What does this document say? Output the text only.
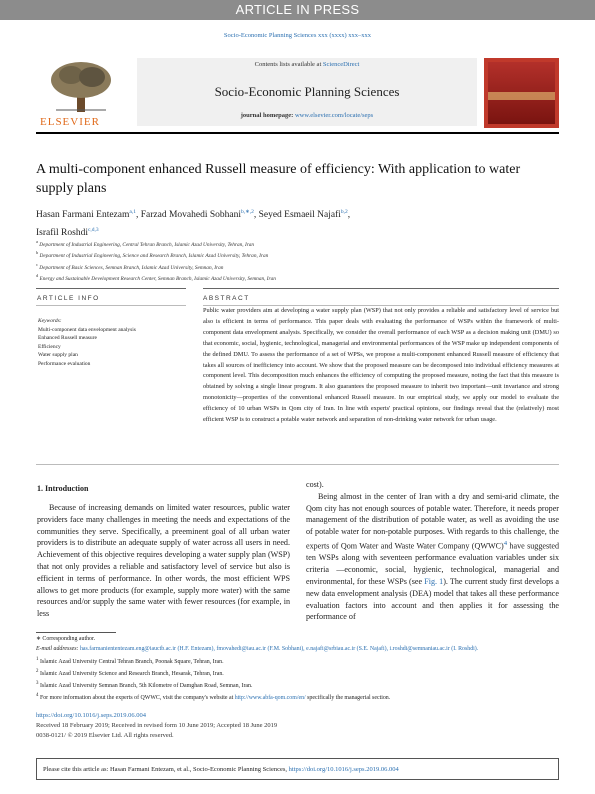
ARTICLE IN PRESS
Socio-Economic Planning Sciences xxx (xxxx) xxx–xxx
ELSEVIER
Contents lists available at ScienceDirect
Socio-Economic Planning Sciences
journal homepage: www.elsevier.com/locate/seps
A multi-component enhanced Russell measure of efficiency: With application to water supply plans
Hasan Farmani Entezam$^{a,1}$, Farzad Movahedi Sobhani$^{b,∗,2}$, Seyed Esmaeil Najafi$^{b,2}$,
Israfil Roshdi$^{c,d,3}$
$^a$ Department of Industrial Engineering, Central Tehran Branch, Islamic Azad University, Tehran, Iran
$^b$ Department of Industrial Engineering, Science and Research Branch, Islamic Azad University, Tehran, Iran
$^c$ Department of Basic Sciences, Semnan Branch, Islamic Azad University, Semnan, Iran
$^d$ Energy and Sustainable Development Research Center, Semnan Branch, Islamic Azad University, Semnan, Iran
ARTICLE INFO	ABSTRACT
Keywords:
Multi-component data envelopment analysis
Enhanced Russell measure
Efficiency
Water supply plan
Performance evaluation
Public water providers aim at developing a water supply plan (WSP) that not only provides a reliable and satisfactory level of service but also is efficient in terms of performance. This paper deals with evaluating the performance of WSPs within the framework of multi-component data envelopment analysis. Specifically, we consider the overall performance of each WSP as a decision making unit (DMU) so that economic, social, hygienic, technological, managerial and environmental performances of the WSP make up independent components of the defined DMU. To assess the performance of a set of WPSs, we propose a multi-component enhanced Russell measure of efficiency that takes all sources of inefficiency into account. We show that the proposed measure can be decomposed into individual efficiency measures at component level. This decomposition much enhances the efficiency of computing the proposed measure, noting the fact that this measure is obtained by solving a single linear program. It also guarantees the proposed measure to inherit two important—unit invariance and strong monotonicity—properties of the conventional enhanced Russell measure. In our empirical study, we apply our model to evaluate the efficiency of 10 urban WSPs in Qom city of Iran. In line with experts' practical opinions, our findings reveal that the (relatively) most efficient WSP is to construct a potable water network and separation of non-drinking water network for urban usage.
1. Introduction

Because of increasing demands on limited water resources, public water providers face many challenges in meeting the needs and expectations of the communities they serve. Specifically, a preeminent goal of all urban water providers is to distribute an adequate supply of water across all users in need. Achievement of this objective requires developing a water supply plan (WSP) that not only provides a reliable and satisfactory level of service but also is efficient in terms of performance. In other words, the most efficient WPS allows to get more products (for example, supply more water) with the same resources and/or supply the same water with fewer resources (for example, in less

cost).

Being almost in the center of Iran with a dry and semi-arid climate, the Qom city has not enough sources of potable water. Therefore, it needs proper management of the distribution of potable water, as well as avoiding the use of potable water for non-potable purposes. With regards to this challenge, the experts of Qom Water and Waste Water Company (QWWC)$^4$ have suggested ten WSPs along with seventeen performance evaluation variables under six criteria —economic, social, hygienic, technological, managerial and environmental, for these WSPs (see Fig. 1). The current study first develops a new data envelopment analysis (DEA) model that takes all these performance evaluation factors into account and then applies it for assessing the performance of

∗ Corresponding author.
E-mail addresses: has.farmaniententezam.eng@iauctb.ac.ir (H.F. Entezam), fmovahedi@iau.ac.ir (F.M. Sobhani), e.najafi@srbiau.ac.ir (S.E. Najafi), i.roshdi@semnaniau.ac.ir (I. Roshdi).
$^1$ Islamic Azad University Central Tehran Branch, Poonak Square, Tehran, Iran.
$^2$ Islamic Azad University Science and Research Branch, Hesarak, Tehran, Iran.
$^3$ Islamic Azad University Semnan Branch, 5th Kilometre of Damghan Road, Semnan, Iran.
$^4$ For more information about the experts of QWWC, visit the company's website at http://www.abfa-qom.com/en/ specifically the managerial section.
https://doi.org/10.1016/j.seps.2019.06.004
Received 18 February 2019; Received in revised form 10 June 2019; Accepted 18 June 2019
0038-0121/ © 2019 Elsevier Ltd. All rights reserved.
Please cite this article as: Hasan Farmani Entezam, et al., Socio-Economic Planning Sciences, https://doi.org/10.1016/j.seps.2019.06.004
